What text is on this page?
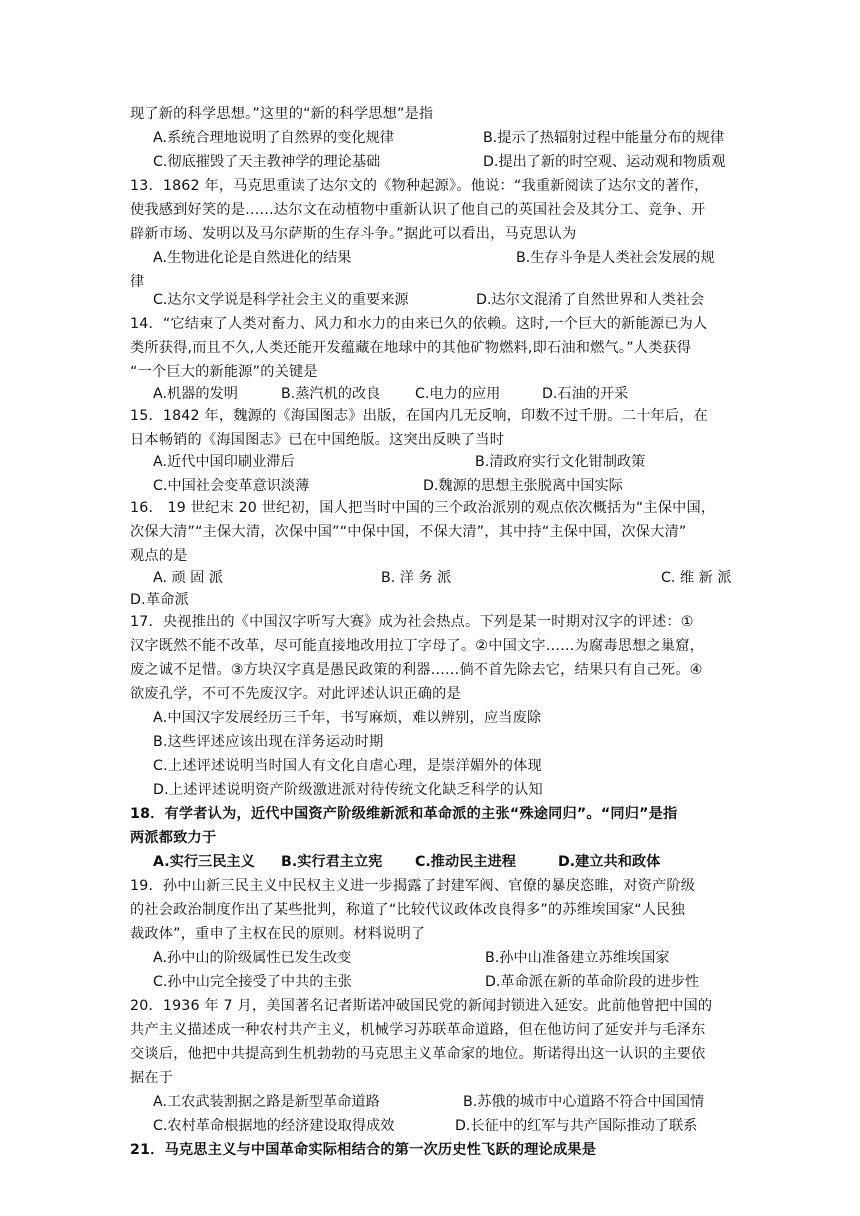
现了新的科学思想。”这里的“新的科学思想”是指
A.系统合理地说明了自然界的变化规律	B.提示了热辐射过程中能量分布的规律
C.彻底摧毁了天主教神学的理论基础	D.提出了新的时空观、运动观和物质观
13．1862 年，马克思重读了达尔文的《物种起源》。他说：“我重新阅读了达尔文的著作，
使我感到好笑的是……达尔文在动植物中重新认识了他自己的英国社会及其分工、竞争、开
辟新市场、发明以及马尔萨斯的生存斗争。”据此可以看出，马克思认为
A.生物进化论是自然进化的结果	B.生存斗争是人类社会发展的规
律
C.达尔文学说是科学社会主义的重要来源	D.达尔文混淆了自然世界和人类社会
14．“它结束了人类对畜力、风力和水力的由来已久的依赖。这时,一个巨大的新能源已为人
类所获得,而且不久,人类还能开发蕴藏在地球中的其他矿物燃料,即石油和燃气。”人类获得
“一个巨大的新能源”的关键是
A.机器的发明	B.蒸汽机的改良 C.电力的应用	D.石油的开采
15．1842 年，魏源的《海国图志》出版，在国内几无反响，印数不过千册。二十年后，在
日本畅销的《海国图志》已在中国绝版。这突出反映了当时
A.近代中国印刷业滞后	B.清政府实行文化钳制政策
C.中国社会变革意识淡薄	D.魏源的思想主张脱离中国实际
16． 19 世纪末 20 世纪初，国人把当时中国的三个政治派别的观点依次概括为“主保中国，
次保大清”“主保大清，次保中国”“中保中国，不保大清”，其中持“主保中国，次保大清”
观点的是
A. 顽 固 派	B. 洋 务 派	C. 维 新 派
D.革命派
17．央视推出的《中国汉字听写大赛》成为社会热点。下列是某一时期对汉字的评述：①
汉字既然不能不改革，尽可能直接地改用拉丁字母了。②中国文字……为腐毒思想之巢窟，
废之诚不足惜。③方块汉字真是愚民政策的利器……倘不首先除去它，结果只有自己死。④
欲废孔学，不可不先废汉字。对此评述认识正确的是
A.中国汉字发展经历三千年，书写麻烦，难以辨别，应当废除
B.这些评述应该出现在洋务运动时期
C.上述评述说明当时国人有文化自虐心理，是崇洋媚外的体现
D.上述评述说明资产阶级激进派对待传统文化缺乏科学的认知
18．有学者认为，近代中国资产阶级维新派和革命派的主张“殊途同归”。“同归”是指
两派都致力于
A.实行三民主义 B.实行君主立宪 C.推动民主进程	D.建立共和政体
19．孙中山新三民主义中民权主义进一步揭露了封建军阀、官僚的暴戾恣睢，对资产阶级
的社会政治制度作出了某些批判，称道了“比较代议政体改良得多”的苏维埃国家“人民独
裁政体”，重申了主权在民的原则。材料说明了
A.孙中山的阶级属性已发生改变	B.孙中山准备建立苏维埃国家
C.孙中山完全接受了中共的主张	D.革命派在新的革命阶段的进步性
20．1936 年 7 月，美国著名记者斯诺冲破国民党的新闻封锁进入延安。此前他曾把中国的
共产主义描述成一种农村共产主义，机械学习苏联革命道路，但在他访问了延安并与毛泽东
交谈后，他把中共提高到生机勃勃的马克思主义革命家的地位。斯诺得出这一认识的主要依
据在于
A.工农武装割据之路是新型革命道路	B.苏俄的城市中心道路不符合中国国情
C.农村革命根据地的经济建设取得成效	D.长征中的红军与共产国际推动了联系
21．马克思主义与中国革命实际相结合的第一次历史性飞跃的理论成果是
